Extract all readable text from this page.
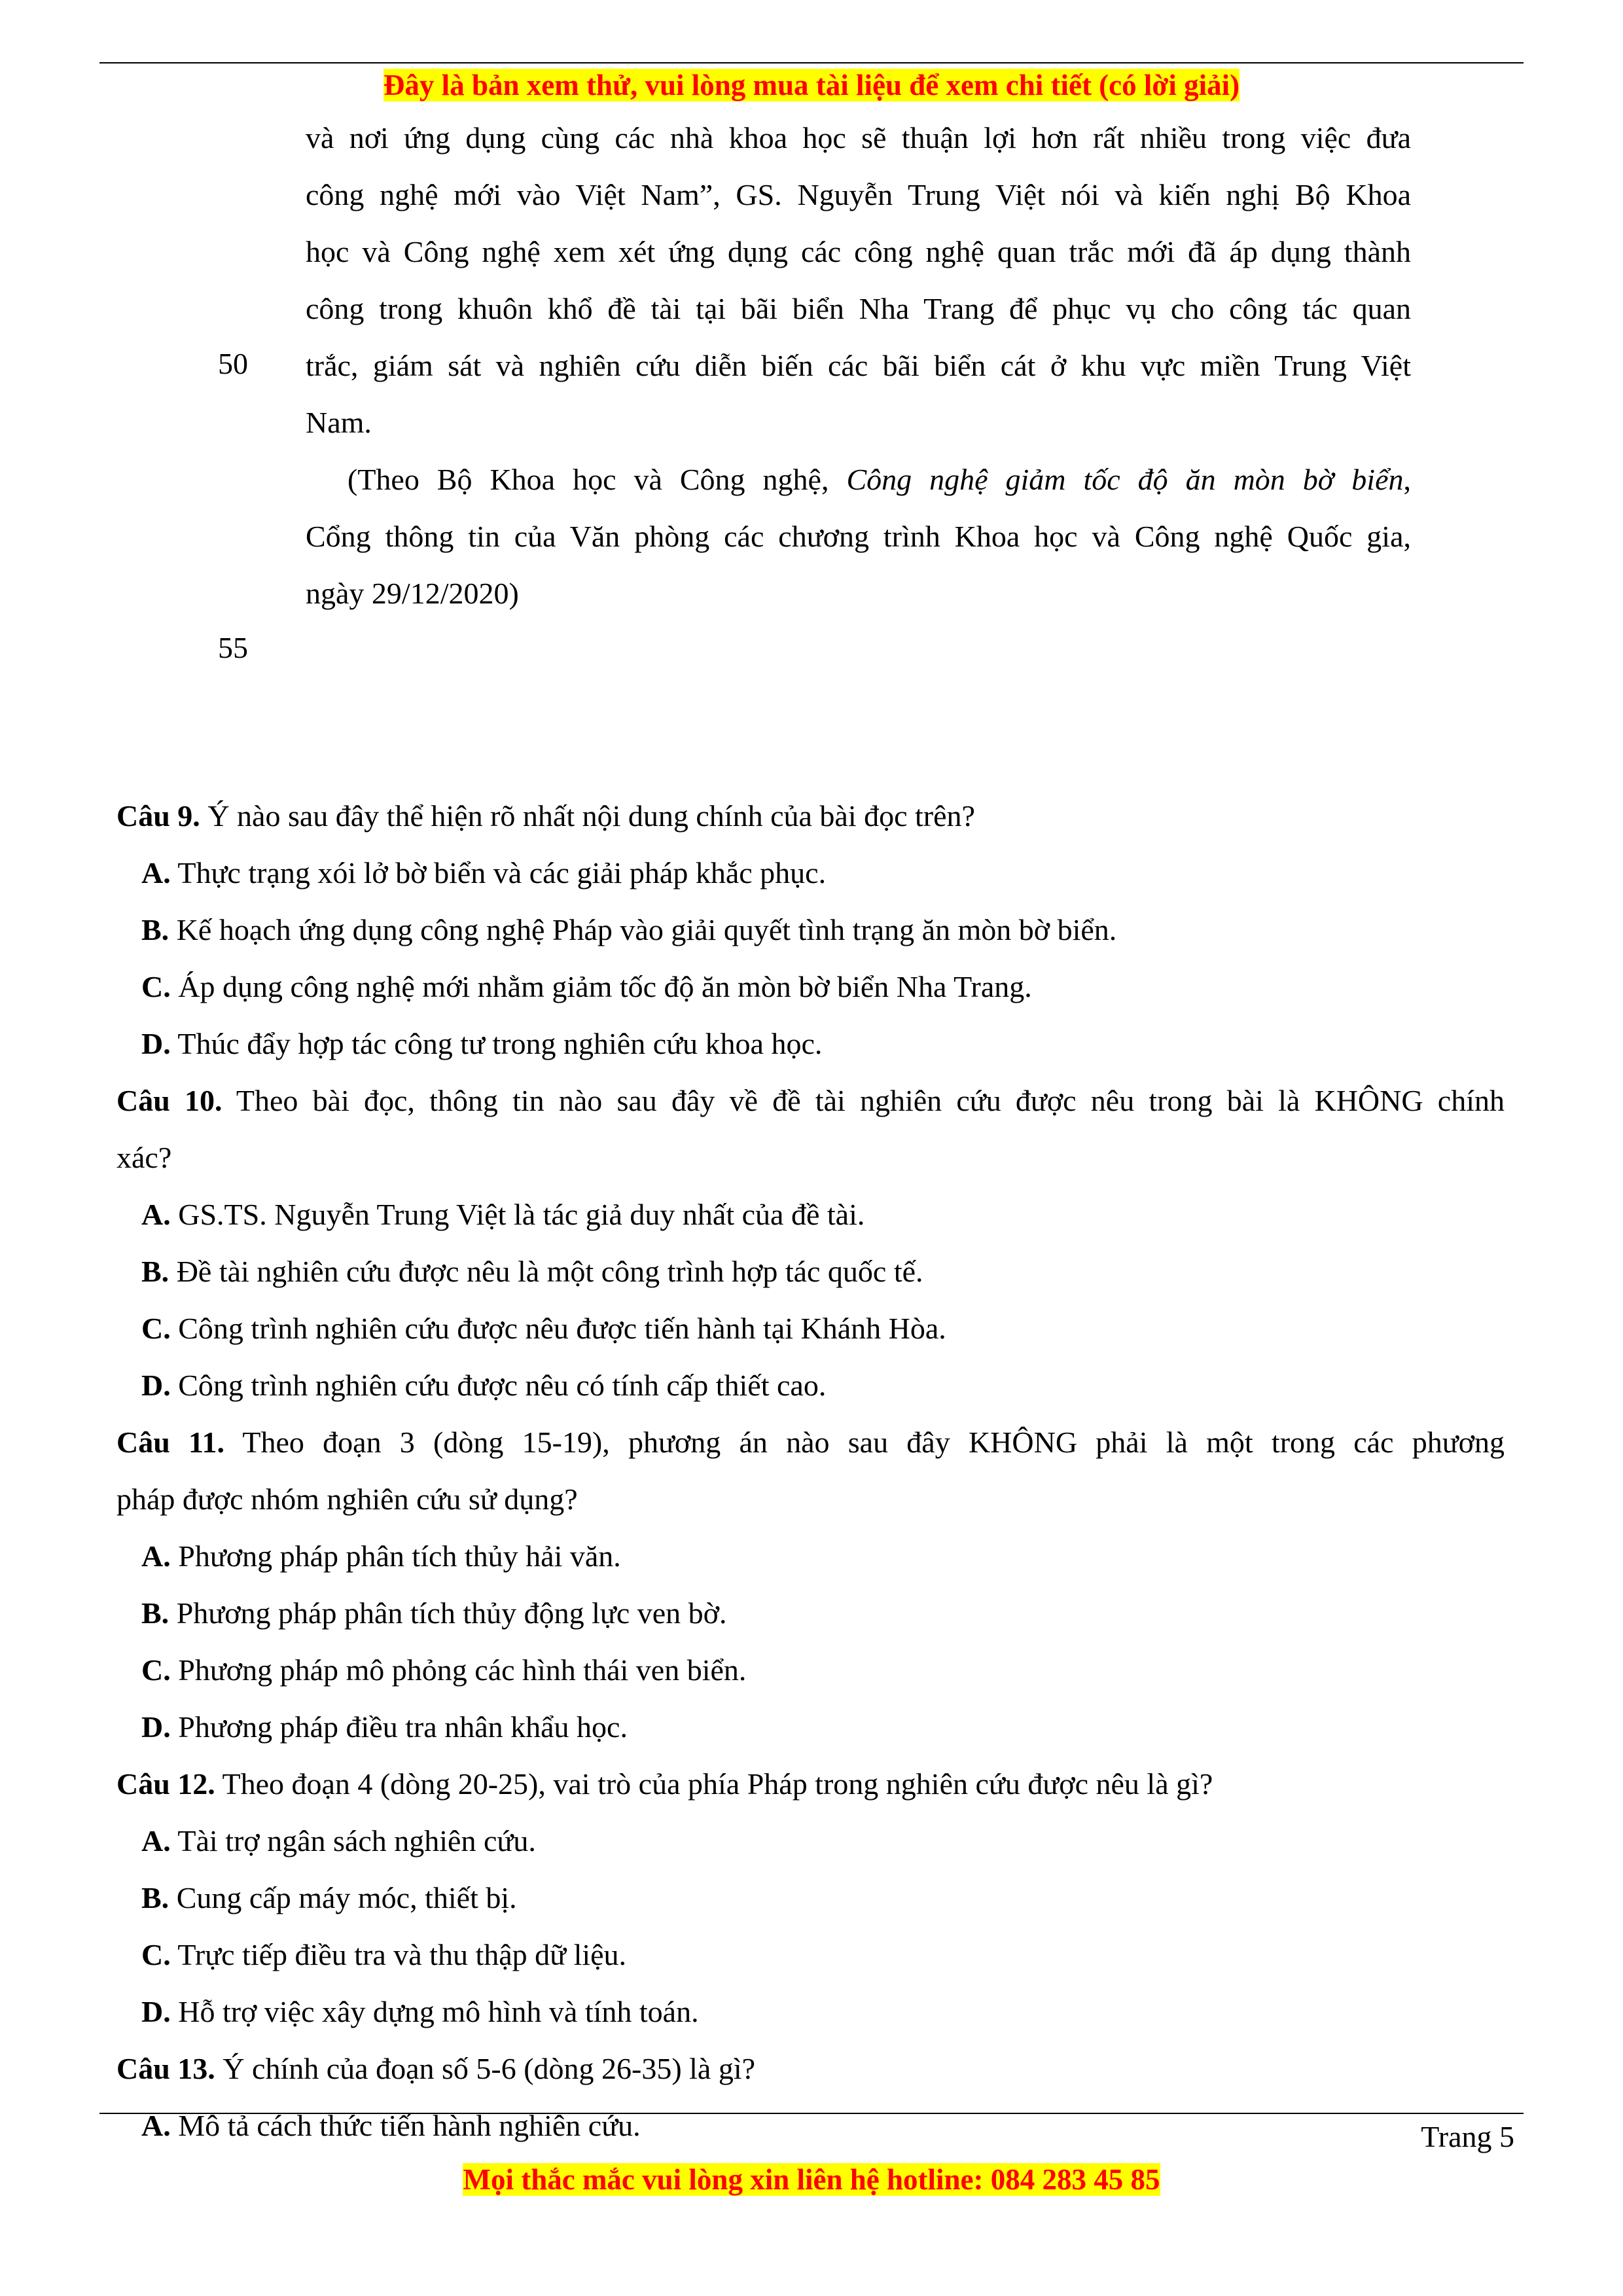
Đây là bản xem thử, vui lòng mua tài liệu để xem chi tiết (có lời giải)
50
55
và nơi ứng dụng cùng các nhà khoa học sẽ thuận lợi hơn rất nhiều trong việc đưa
công nghệ mới vào Việt Nam”, GS. Nguyễn Trung Việt nói và kiến nghị Bộ Khoa
học và Công nghệ xem xét ứng dụng các công nghệ quan trắc mới đã áp dụng thành
công trong khuôn khổ đề tài tại bãi biển Nha Trang để phục vụ cho công tác quan
trắc, giám sát và nghiên cứu diễn biến các bãi biển cát ở khu vực miền Trung Việt
Nam.
(Theo Bộ Khoa học và Công nghệ, Công nghệ giảm tốc độ ăn mòn bờ biển,
Cổng thông tin của Văn phòng các chương trình Khoa học và Công nghệ Quốc gia,
ngày 29/12/2020)
Câu 9. Ý nào sau đây thể hiện rõ nhất nội dung chính của bài đọc trên?
A. Thực trạng xói lở bờ biển và các giải pháp khắc phục.
B. Kế hoạch ứng dụng công nghệ Pháp vào giải quyết tình trạng ăn mòn bờ biển.
C. Áp dụng công nghệ mới nhằm giảm tốc độ ăn mòn bờ biển Nha Trang.
D. Thúc đẩy hợp tác công tư trong nghiên cứu khoa học.
Câu 10. Theo bài đọc, thông tin nào sau đây về đề tài nghiên cứu được nêu trong bài là KHÔNG chính
xác?
A. GS.TS. Nguyễn Trung Việt là tác giả duy nhất của đề tài.
B. Đề tài nghiên cứu được nêu là một công trình hợp tác quốc tế.
C. Công trình nghiên cứu được nêu được tiến hành tại Khánh Hòa.
D. Công trình nghiên cứu được nêu có tính cấp thiết cao.
Câu 11. Theo đoạn 3 (dòng 15-19), phương án nào sau đây KHÔNG phải là một trong các phương
pháp được nhóm nghiên cứu sử dụng?
A. Phương pháp phân tích thủy hải văn.
B. Phương pháp phân tích thủy động lực ven bờ.
C. Phương pháp mô phỏng các hình thái ven biển.
D. Phương pháp điều tra nhân khẩu học.
Câu 12. Theo đoạn 4 (dòng 20-25), vai trò của phía Pháp trong nghiên cứu được nêu là gì?
A. Tài trợ ngân sách nghiên cứu.
B. Cung cấp máy móc, thiết bị.
C. Trực tiếp điều tra và thu thập dữ liệu.
D. Hỗ trợ việc xây dựng mô hình và tính toán.
Câu 13. Ý chính của đoạn số 5-6 (dòng 26-35) là gì?
A. Mô tả cách thức tiến hành nghiên cứu.	Trang 5
Mọi thắc mắc vui lòng xin liên hệ hotline: 084 283 45 85
